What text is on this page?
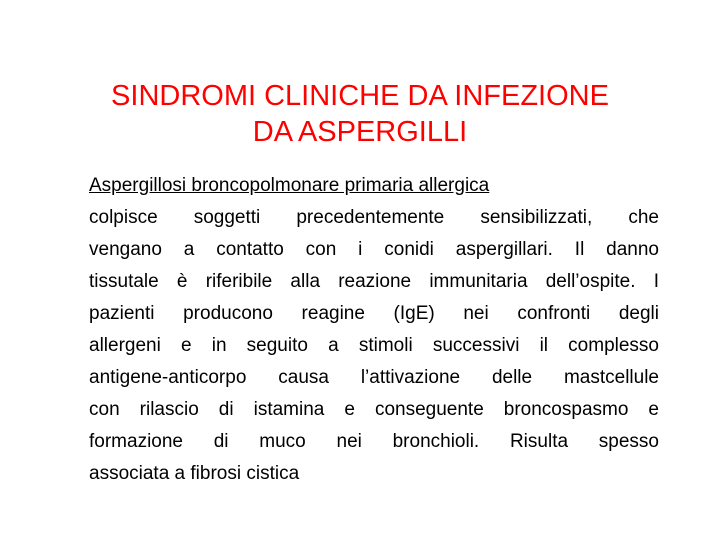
SINDROMI CLINICHE DA INFEZIONE
DA ASPERGILLI
Aspergillosi broncopolmonare primaria allergica
colpisce soggetti precedentemente sensibilizzati, che
vengano a contatto con i conidi aspergillari. Il danno
tissutale è riferibile alla reazione immunitaria dell’ospite. I
pazienti producono reagine (IgE) nei confronti degli
allergeni e in seguito a stimoli successivi il complesso
antigene-anticorpo causa l’attivazione delle mastcellule
con rilascio di istamina e conseguente broncospasmo e
formazione di muco nei bronchioli. Risulta spesso
associata a fibrosi cistica
